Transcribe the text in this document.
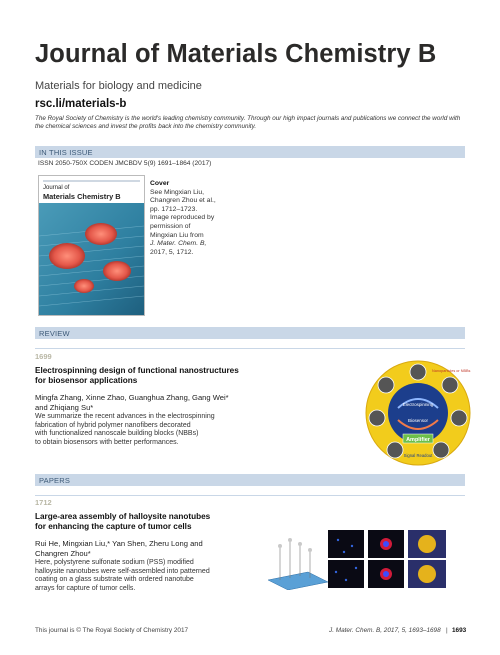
Journal of Materials Chemistry B
Materials for biology and medicine
rsc.li/materials-b
The Royal Society of Chemistry is the world's leading chemistry community. Through our high impact journals and publications we connect the world with the chemical sciences and invest the profits back into the chemistry community.
IN THIS ISSUE
ISSN 2050-750X CODEN JMCBDV 5(9) 1691–1864 (2017)
Journal of
Materials Chemistry B
Cover
See Mingxian Liu,
Changren Zhou et al.,
pp. 1712–1723.
Image reproduced by
permission of
Mingxian Liu from
J. Mater. Chem. B,
2017, 5, 1712.
REVIEW
1699
Electrospinning design of functional nanostructures
for biosensor applications
Mingfa Zhang, Xinne Zhao, Guanghua Zhang, Gang Wei*
and Zhiqiang Su*
We summarize the recent advances in the electrospinning
fabrication of hybrid polymer nanofibers decorated
with functionalized nanoscale building blocks (NBBs)
to obtain biosensors with better performances.	Amplifier
Electrospinning
Biosensor
Signal Readout
Nanoparticles or NBBs
PAPERS
1712
Large-area assembly of halloysite nanotubes
for enhancing the capture of tumor cells
Rui He, Mingxian Liu,* Yan Shen, Zheru Long and
Changren Zhou*
Here, polystyrene sulfonate sodium (PSS) modified
halloysite nanotubes were self-assembled into patterned
coating on a glass substrate with ordered nanotube
arrays for capture of tumor cells.
This journal is © The Royal Society of Chemistry 2017	J. Mater. Chem. B, 2017, 5, 1693–1698 | 1693
